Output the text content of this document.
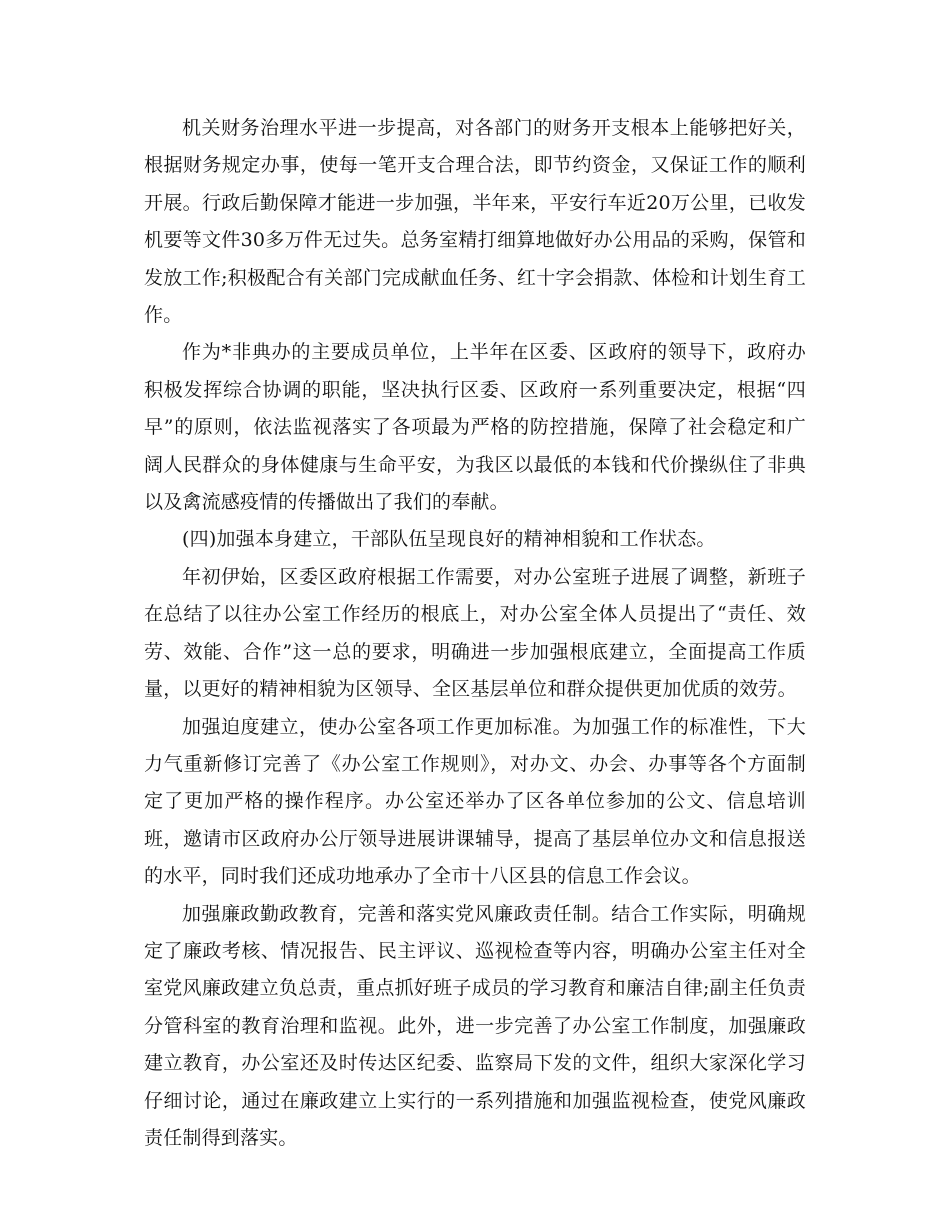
机关财务治理水平进一步提高，对各部门的财务开支根本上能够把好关，根据财务规定办事，使每一笔开支合理合法，即节约资金，又保证工作的顺利开展。行政后勤保障才能进一步加强，半年来，平安行车近20万公里，已收发机要等文件30多万件无过失。总务室精打细算地做好办公用品的采购，保管和发放工作;积极配合有关部门完成献血任务、红十字会捐款、体检和计划生育工作。

作为*非典办的主要成员单位，上半年在区委、区政府的领导下，政府办积极发挥综合协调的职能，坚决执行区委、区政府一系列重要决定，根据“四早”的原则，依法监视落实了各项最为严格的防控措施，保障了社会稳定和广阔人民群众的身体健康与生命平安，为我区以最低的本钱和代价操纵住了非典以及禽流感疫情的传播做出了我们的奉献。

(四)加强本身建立，干部队伍呈现良好的精神相貌和工作状态。

年初伊始，区委区政府根据工作需要，对办公室班子进展了调整，新班子在总结了以往办公室工作经历的根底上，对办公室全体人员提出了“责任、效劳、效能、合作”这一总的要求，明确进一步加强根底建立，全面提高工作质量，以更好的精神相貌为区领导、全区基层单位和群众提供更加优质的效劳。

加强迫度建立，使办公室各项工作更加标准。为加强工作的标准性，下大力气重新修订完善了《办公室工作规则》，对办文、办会、办事等各个方面制定了更加严格的操作程序。办公室还举办了区各单位参加的公文、信息培训班，邀请市区政府办公厅领导进展讲课辅导，提高了基层单位办文和信息报送的水平，同时我们还成功地承办了全市十八区县的信息工作会议。

加强廉政勤政教育，完善和落实党风廉政责任制。结合工作实际，明确规定了廉政考核、情况报告、民主评议、巡视检查等内容，明确办公室主任对全室党风廉政建立负总责，重点抓好班子成员的学习教育和廉洁自律;副主任负责分管科室的教育治理和监视。此外，进一步完善了办公室工作制度，加强廉政建立教育，办公室还及时传达区纪委、监察局下发的文件，组织大家深化学习仔细讨论，通过在廉政建立上实行的一系列措施和加强监视检查，使党风廉政责任制得到落实。
